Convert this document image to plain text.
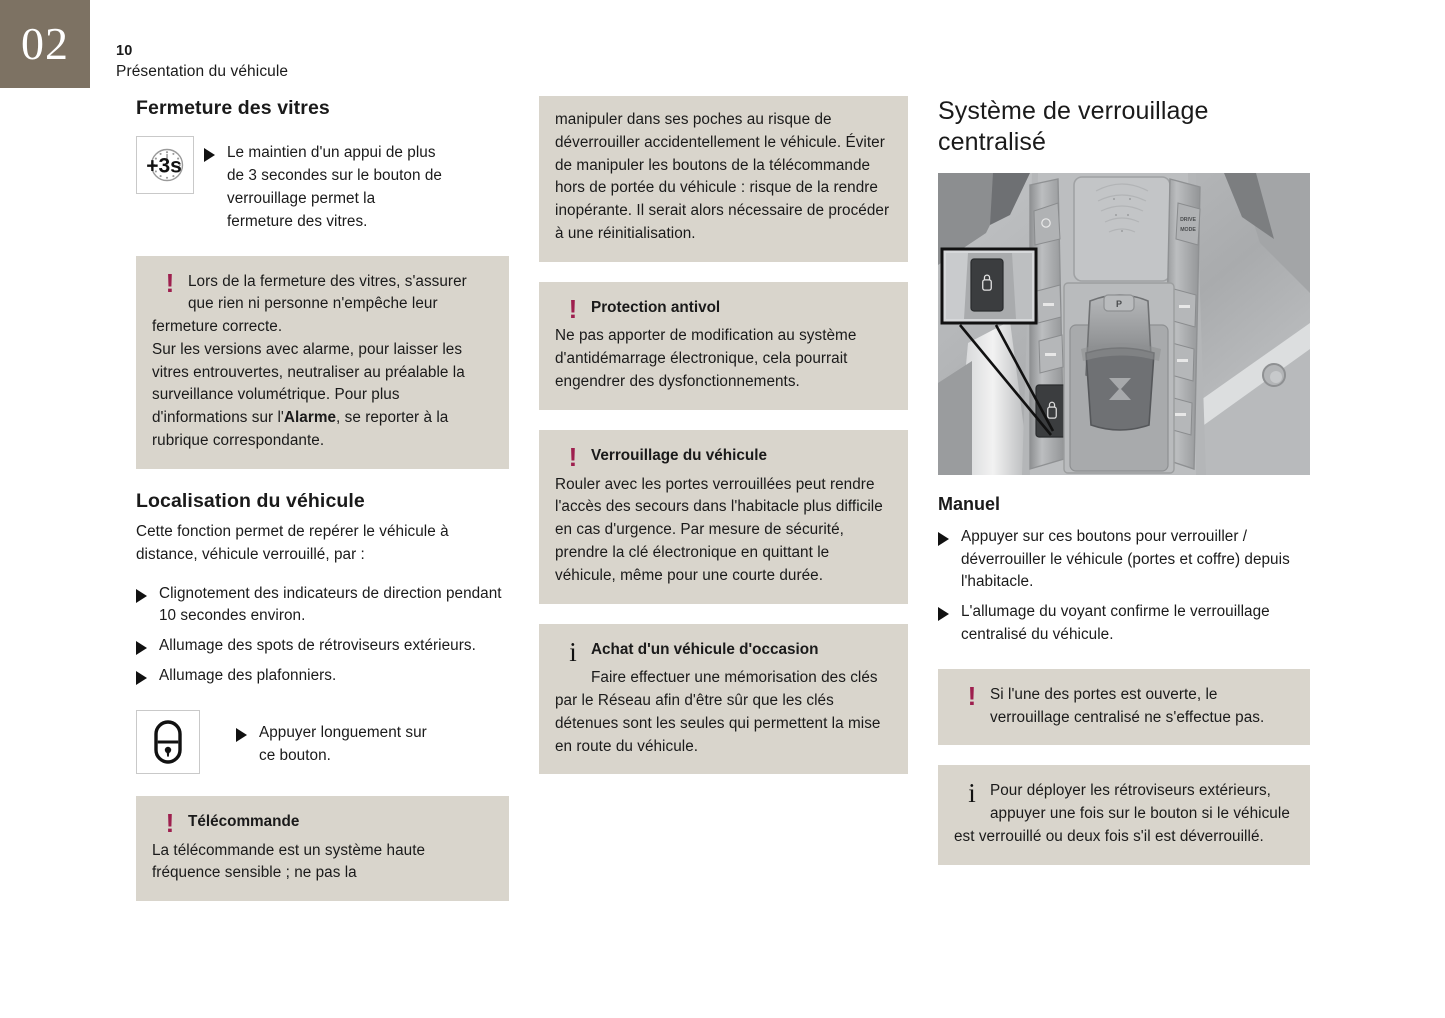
02	10
Présentation du véhicule
Fermeture des vitres
+3s
Le maintien d'un appui de plus de 3 secondes sur le bouton de verrouillage permet la fermeture des vitres.
! Lors de la fermeture des vitres, s'assurer que rien ni personne n'empêche leur fermeture correcte.
Sur les versions avec alarme, pour laisser les vitres entrouvertes, neutraliser au préalable la surveillance volumétrique. Pour plus d'informations sur l'Alarme, se reporter à la rubrique correspondante.

Localisation du véhicule

Cette fonction permet de repérer le véhicule à distance, véhicule verrouillé, par :

Clignotement des indicateurs de direction pendant 10 secondes environ.
Allumage des spots de rétroviseurs extérieurs.
Allumage des plafonniers.
Appuyer longuement sur ce bouton.
! Télécommande

La télécommande est un système haute fréquence sensible ; ne pas la

manipuler dans ses poches au risque de déverrouiller accidentellement le véhicule. Éviter de manipuler les boutons de la télécommande hors de portée du véhicule : risque de la rendre inopérante. Il serait alors nécessaire de procéder à une réinitialisation.

! Protection antivol

Ne pas apporter de modification au système d'antidémarrage électronique, cela pourrait engendrer des dysfonctionnements.

! Verrouillage du véhicule

Rouler avec les portes verrouillées peut rendre l'accès des secours dans l'habitacle plus difficile en cas d'urgence. Par mesure de sécurité, prendre la clé électronique en quittant le véhicule, même pour une courte durée.

i Achat d'un véhicule d'occasion

Faire effectuer une mémorisation des clés par le Réseau afin d'être sûr que les clés détenues sont les seules qui permettent la mise en route du véhicule.

Système de verrouillage centralisé
DRIVE
MODE
P
Manuel
Appuyer sur ces boutons pour verrouiller / déverrouiller le véhicule (portes et coffre) depuis l'habitacle.
L'allumage du voyant confirme le verrouillage centralisé du véhicule.
! Si l'une des portes est ouverte, le verrouillage centralisé ne s'effectue pas.

i Pour déployer les rétroviseurs extérieurs, appuyer une fois sur le bouton si le véhicule est verrouillé ou deux fois s'il est déverrouillé.
